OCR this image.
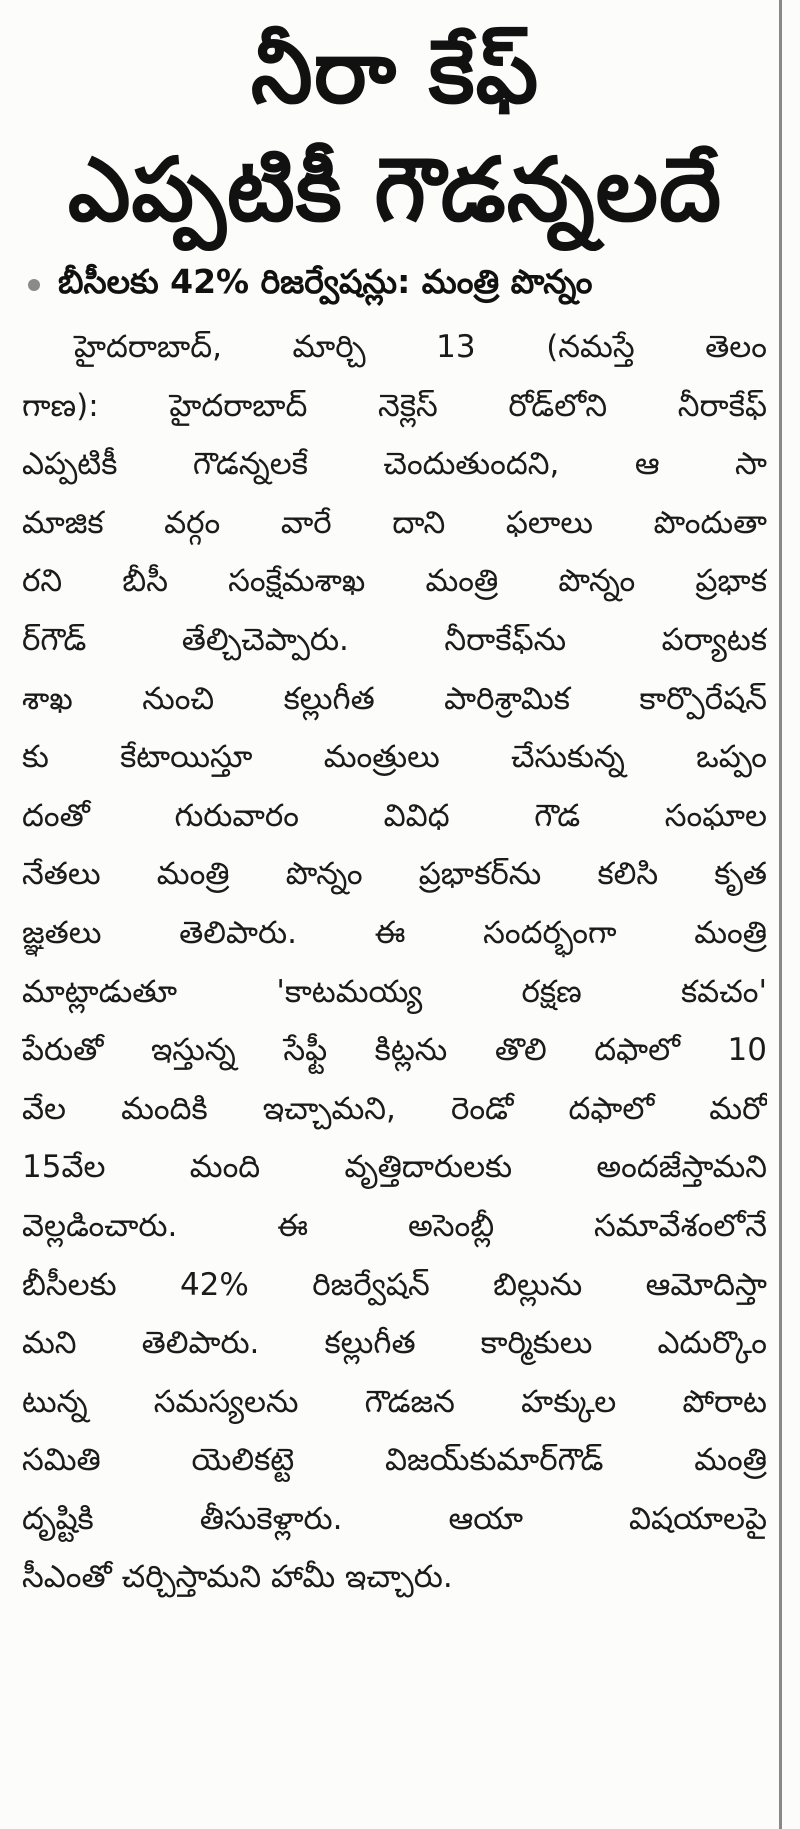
నీరా కేఫ్
ఎప్పటికీ గౌడన్నలదే
బీసీలకు 42% రిజర్వేషన్లు: మంత్రి పొన్నం
హైదరాబాద్, మార్చి 13 (నమస్తే తెలం
గాణ): హైదరాబాద్ నెక్లెస్ రోడ్‌లోని నీరాకేఫ్
ఎప్పటికీ గౌడన్నలకే చెందుతుందని, ఆ సా
మాజిక వర్గం వారే దాని ఫలాలు పొందుతా
రని బీసీ సంక్షేమశాఖ మంత్రి పొన్నం ప్రభాక
ర్‌గౌడ్ తేల్చిచెప్పారు. నీరాకేఫ్‌ను పర్యాటక
శాఖ నుంచి కల్లుగీత పారిశ్రామిక కార్పొరేషన్
కు కేటాయిస్తూ మంత్రులు చేసుకున్న ఒప్పం
దంతో గురువారం వివిధ గౌడ సంఘాల
నేతలు మంత్రి పొన్నం ప్రభాకర్‌ను కలిసి కృత
జ్ఞతలు తెలిపారు. ఈ సందర్భంగా మంత్రి
మాట్లాడుతూ 'కాటమయ్య రక్షణ కవచం'
పేరుతో ఇస్తున్న సేఫ్టీ కిట్లను తొలి దఫాలో 10
వేల మందికి ఇచ్చామని, రెండో దఫాలో మరో
15వేల మంది వృత్తిదారులకు అందజేస్తామని
వెల్లడించారు. ఈ అసెంబ్లీ సమావేశంలోనే
బీసీలకు 42% రిజర్వేషన్ బిల్లును ఆమోదిస్తా
మని తెలిపారు. కల్లుగీత కార్మికులు ఎదుర్కొం
టున్న సమస్యలను గౌడజన హక్కుల పోరాట
సమితి యెలికట్టె విజయ్‌కుమార్‌గౌడ్ మంత్రి
దృష్టికి తీసుకెళ్లారు. ఆయా విషయాలపై
సీఎంతో చర్చిస్తామని హామీ ఇచ్చారు.
